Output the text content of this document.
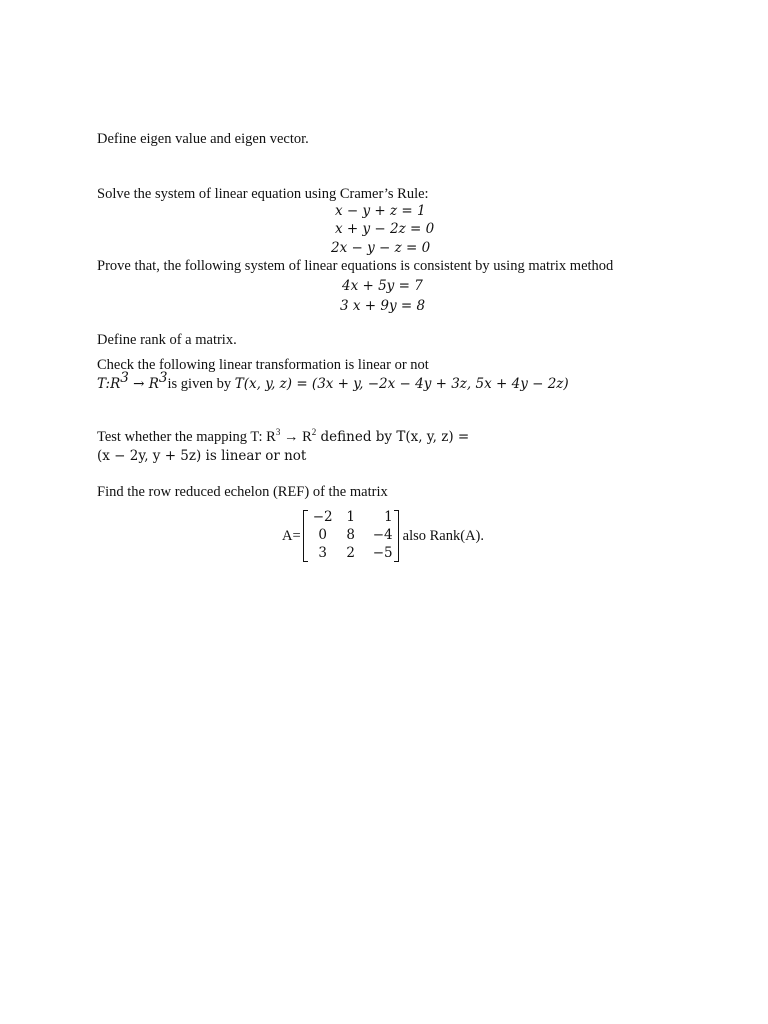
Define eigen value and eigen vector.
Solve the system of linear equation using Cramer’s Rule:
x − y + z = 1
x + y − 2z = 0
2x − y − z = 0
Prove that, the following system of linear equations is consistent by using matrix method
4x + 5y = 7
3 x + 9y = 8
Define rank of a matrix.
Check the following linear transformation is linear or not
$T:R^3 \to R^3is$ given by T(x, y, z) = (3x + y, −2x − 4y + 3z, 5x + 4y − 2z)
Test whether the mapping T: $R^3 \to R^2$ defined by T(x, y, z) =
(x − 2y, y + 5z) is linear or not
Find the row reduced echelon (REF) of the matrix
A=
−2	1	1
0	8	−4
3	2	−5
also Rank(A).
